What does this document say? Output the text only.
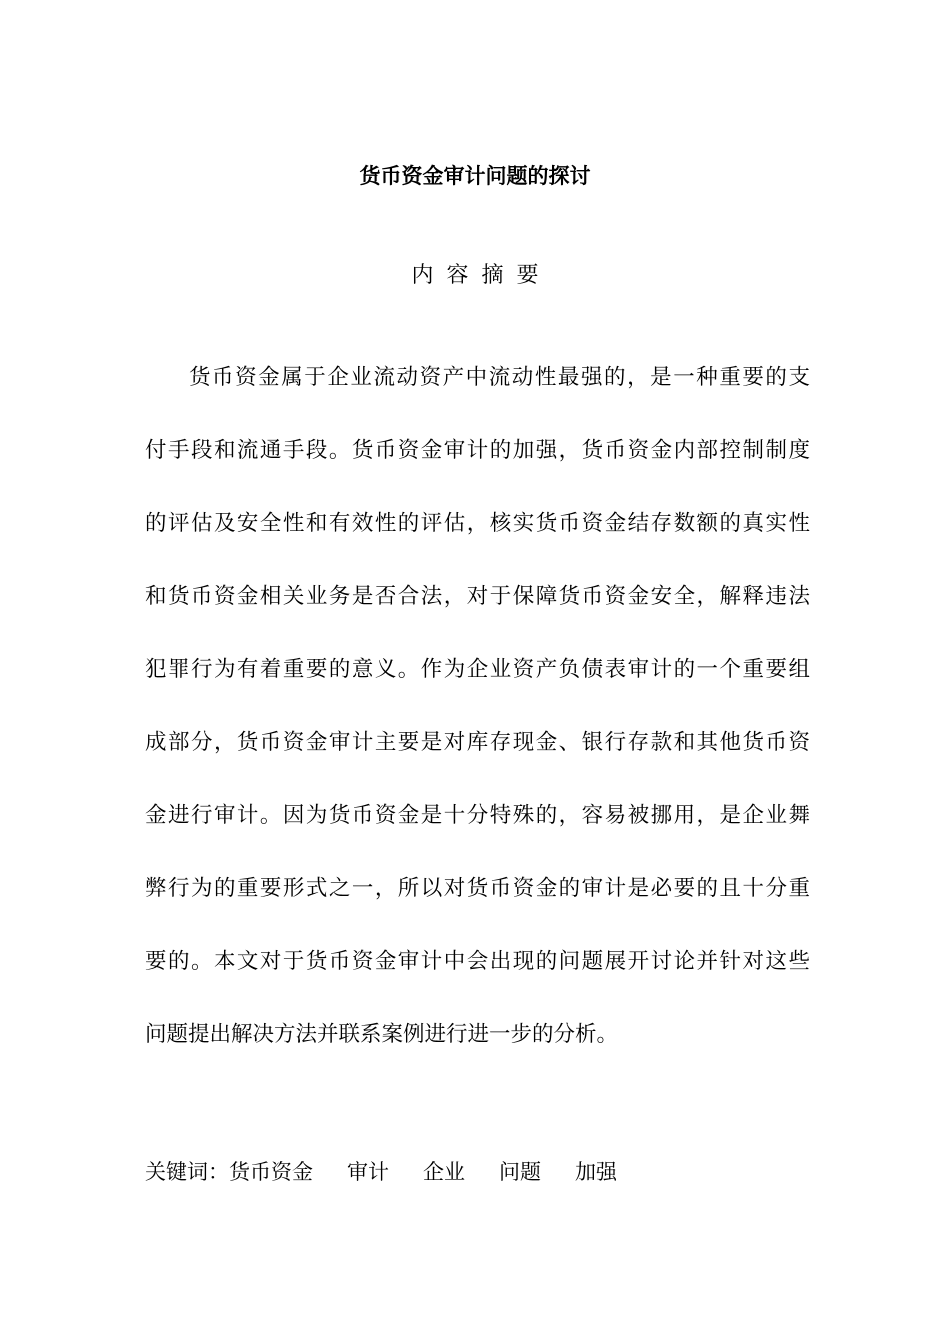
货币资金审计问题的探讨
内容摘要
货币资金属于企业流动资产中流动性最强的，是一种重要的支
付手段和流通手段。货币资金审计的加强，货币资金内部控制制度
的评估及安全性和有效性的评估，核实货币资金结存数额的真实性
和货币资金相关业务是否合法，对于保障货币资金安全，解释违法
犯罪行为有着重要的意义。作为企业资产负债表审计的一个重要组
成部分，货币资金审计主要是对库存现金、银行存款和其他货币资
金进行审计。因为货币资金是十分特殊的，容易被挪用，是企业舞
弊行为的重要形式之一，所以对货币资金的审计是必要的且十分重
要的。本文对于货币资金审计中会出现的问题展开讨论并针对这些
问题提出解决方法并联系案例进行进一步的分析。
关键词：货币资金 审计 企业 问题 加强
